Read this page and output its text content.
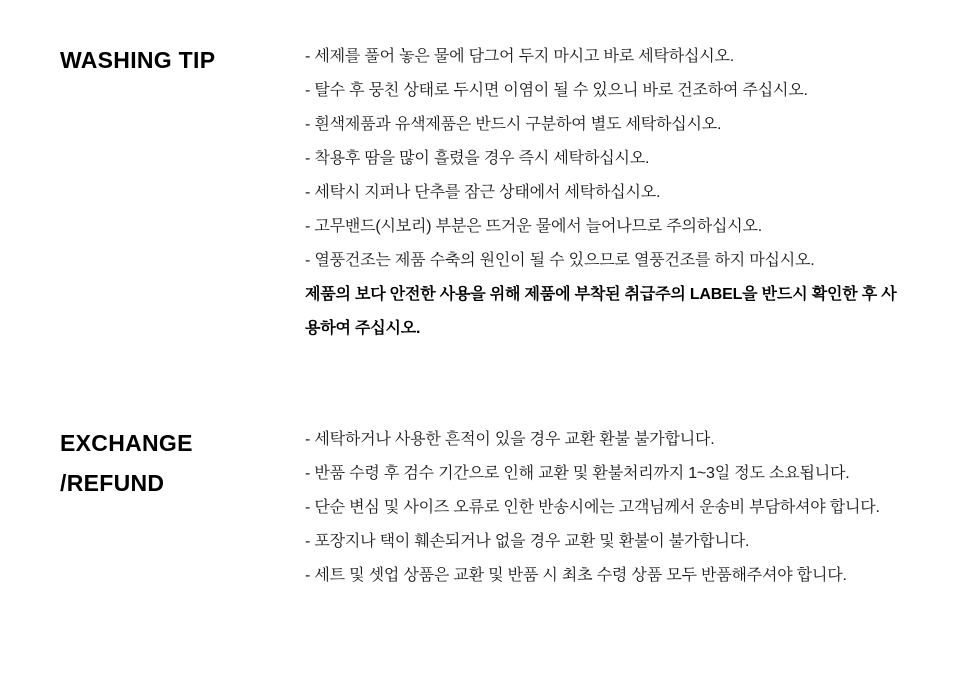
WASHING TIP	- 세제를 풀어 놓은 물에 담그어 두지 마시고 바로 세탁하십시오.

- 탈수 후 뭉친 상태로 두시면 이염이 될 수 있으니 바로 건조하여 주십시오.

- 흰색제품과 유색제품은 반드시 구분하여 별도 세탁하십시오.

- 착용후 땀을 많이 흘렸을 경우 즉시 세탁하십시오.

- 세탁시 지퍼나 단추를 잠근 상태에서 세탁하십시오.

- 고무밴드(시보리) 부분은 뜨거운 물에서 늘어나므로 주의하십시오.

- 열풍건조는 제품 수축의 원인이 될 수 있으므로 열풍건조를 하지 마십시오.

제품의 보다 안전한 사용을 위해 제품에 부착된 취급주의 LABEL을 반드시 확인한 후 사용하여 주십시오.

EXCHANGE
/REFUND

- 세탁하거나 사용한 흔적이 있을 경우 교환 환불 불가합니다.

- 반품 수령 후 검수 기간으로 인해 교환 및 환불처리까지 1~3일 정도 소요됩니다.

- 단순 변심 및 사이즈 오류로 인한 반송시에는 고객님께서 운송비 부담하셔야 합니다.

- 포장지나 택이 훼손되거나 없을 경우 교환 및 환불이 불가합니다.

- 세트 및 셋업 상품은 교환 및 반품 시 최초 수령 상품 모두 반품해주셔야 합니다.
